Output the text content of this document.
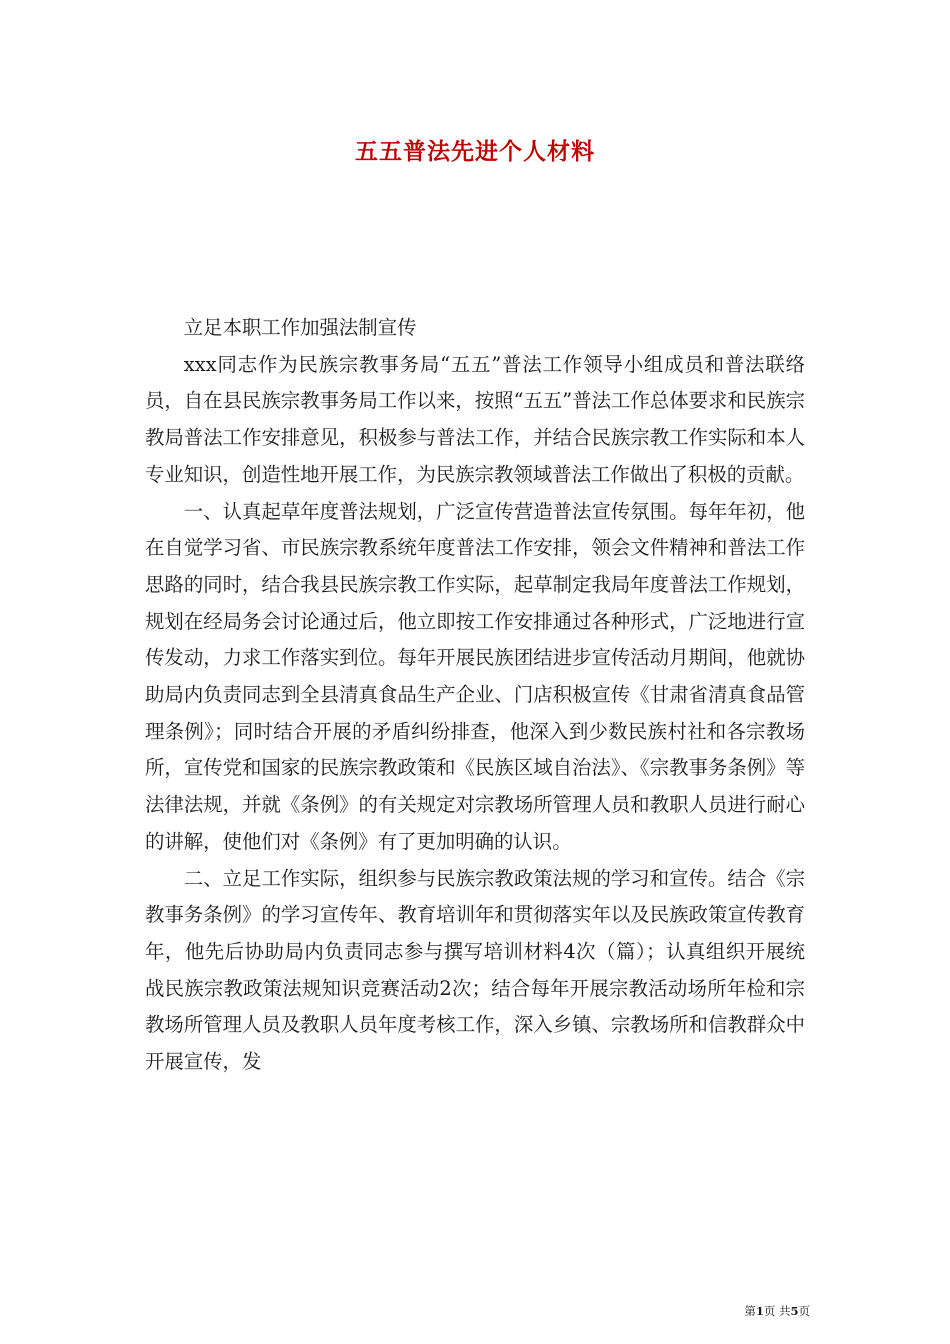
五五普法先进个人材料

立足本职工作加强法制宣传

xxx同志作为民族宗教事务局“五五”普法工作领导小组成员和普法联络员，自在县民族宗教事务局工作以来，按照“五五”普法工作总体要求和民族宗教局普法工作安排意见，积极参与普法工作，并结合民族宗教工作实际和本人专业知识，创造性地开展工作，为民族宗教领域普法工作做出了积极的贡献。

一、认真起草年度普法规划，广泛宣传营造普法宣传氛围。每年年初，他在自觉学习省、市民族宗教系统年度普法工作安排，领会文件精神和普法工作思路的同时，结合我县民族宗教工作实际，起草制定我局年度普法工作规划，规划在经局务会讨论通过后，他立即按工作安排通过各种形式，广泛地进行宣传发动，力求工作落实到位。每年开展民族团结进步宣传活动月期间，他就协助局内负责同志到全县清真食品生产企业、门店积极宣传《甘肃省清真食品管理条例》；同时结合开展的矛盾纠纷排查，他深入到少数民族村社和各宗教场所，宣传党和国家的民族宗教政策和《民族区域自治法》、《宗教事务条例》等法律法规，并就《条例》的有关规定对宗教场所管理人员和教职人员进行耐心的讲解，使他们对《条例》有了更加明确的认识。

二、立足工作实际，组织参与民族宗教政策法规的学习和宣传。结合《宗教事务条例》的学习宣传年、教育培训年和贯彻落实年以及民族政策宣传教育年，他先后协助局内负责同志参与撰写培训材料4次（篇）；认真组织开展统战民族宗教政策法规知识竞赛活动2次；结合每年开展宗教活动场所年检和宗教场所管理人员及教职人员年度考核工作，深入乡镇、宗教场所和信教群众中开展宣传，发

第1页 共5页
